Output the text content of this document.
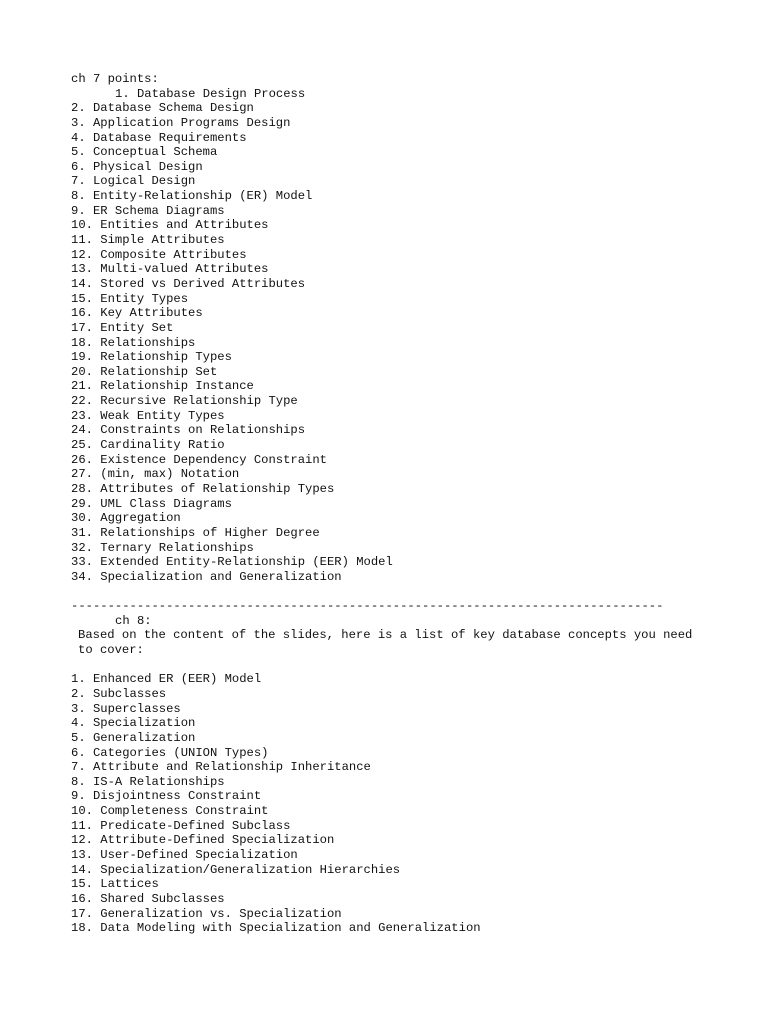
ch 7 points:
1. Database Design Process
2. Database Schema Design
3. Application Programs Design
4. Database Requirements
5. Conceptual Schema
6. Physical Design
7. Logical Design
8. Entity-Relationship (ER) Model
9. ER Schema Diagrams
10. Entities and Attributes
11. Simple Attributes
12. Composite Attributes
13. Multi-valued Attributes
14. Stored vs Derived Attributes
15. Entity Types
16. Key Attributes
17. Entity Set
18. Relationships
19. Relationship Types
20. Relationship Set
21. Relationship Instance
22. Recursive Relationship Type
23. Weak Entity Types
24. Constraints on Relationships
25. Cardinality Ratio
26. Existence Dependency Constraint
27. (min, max) Notation
28. Attributes of Relationship Types
29. UML Class Diagrams
30. Aggregation
31. Relationships of Higher Degree
32. Ternary Relationships
33. Extended Entity-Relationship (EER) Model
34. Specialization and Generalization
---------------------------------------------------------------------------------
ch 8:
Based on the content of the slides, here is a list of key database concepts you need to cover:
1. Enhanced ER (EER) Model
2. Subclasses
3. Superclasses
4. Specialization
5. Generalization
6. Categories (UNION Types)
7. Attribute and Relationship Inheritance
8. IS-A Relationships
9. Disjointness Constraint
10. Completeness Constraint
11. Predicate-Defined Subclass
12. Attribute-Defined Specialization
13. User-Defined Specialization
14. Specialization/Generalization Hierarchies
15. Lattices
16. Shared Subclasses
17. Generalization vs. Specialization
18. Data Modeling with Specialization and Generalization
